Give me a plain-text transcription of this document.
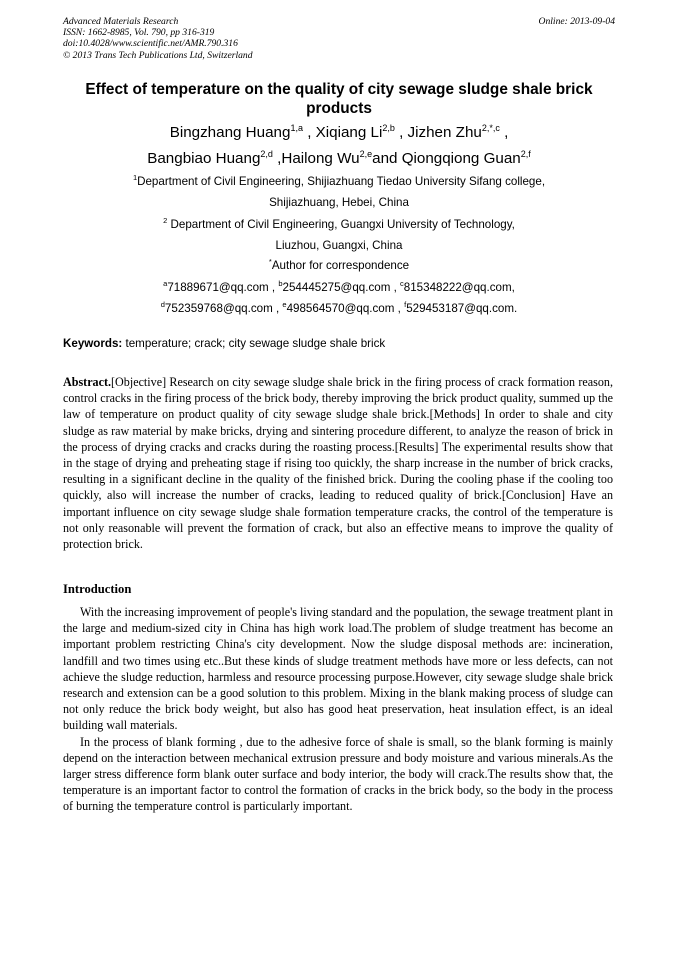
Advanced Materials Research
ISSN: 1662-8985, Vol. 790, pp 316-319
doi:10.4028/www.scientific.net/AMR.790.316
© 2013 Trans Tech Publications Ltd, Switzerland
Online: 2013-09-04
Effect of temperature on the quality of city sewage sludge shale brick products
Bingzhang Huang$^{1,a}$ , Xiqiang Li$^{2,b}$ , Jizhen Zhu$^{2,*,c}$ ,
Bangbiao Huang$^{2,d}$ ,Hailong Wu$^{2,e}$and Qiongqiong Guan$^{2,f}$
$^1$Department of Civil Engineering, Shijiazhuang Tiedao University Sifang college,
Shijiazhuang, Hebei, China
$^2$ Department of Civil Engineering, Guangxi University of Technology,
Liuzhou, Guangxi, China
*Author for correspondence
$^a$71889671@qq.com , $^b$254445275@qq.com , $^c$815348222@qq.com,
$^d$752359768@qq.com , $^e$498564570@qq.com , $^f$529453187@qq.com.
Keywords: temperature; crack; city sewage sludge shale brick
Abstract.[Objective] Research on city sewage sludge shale brick in the firing process of crack formation reason, control cracks in the firing process of the brick body, thereby improving the brick product quality, summed up the law of temperature on product quality of city sewage sludge shale brick.[Methods] In order to shale and city sludge as raw material by make bricks, drying and sintering procedure different, to analyze the reason of brick in the process of drying cracks and cracks during the roasting process.[Results] The experimental results show that in the stage of drying and preheating stage if rising too quickly, the sharp increase in the number of brick cracks, resulting in a significant decline in the quality of the finished brick. During the cooling phase if the cooling too quickly, also will increase the number of cracks, leading to reduced quality of brick.[Conclusion] Have an important influence on city sewage sludge shale formation temperature cracks, the control of the temperature is not only reasonable will prevent the formation of crack, but also an effective means to improve the quality of protection brick.
Introduction

With the increasing improvement of people's living standard and the population, the sewage treatment plant in the large and medium-sized city in China has high work load.The problem of sludge treatment has become an important problem restricting China's city development. Now the sludge disposal methods are: incineration, landfill and two times using etc..But these kinds of sludge treatment methods have more or less defects, can not achieve the sludge reduction, harmless and resource processing purpose.However, city sewage sludge shale brick research and extension can be a good solution to this problem. Mixing in the blank making process of sludge can not only reduce the brick body weight, but also has good heat preservation, heat insulation effect, is an ideal building wall materials.

In the process of blank forming , due to the adhesive force of shale is small, so the blank forming is mainly depend on the interaction between mechanical extrusion pressure and body moisture and various minerals.As the larger stress difference form blank outer surface and body interior, the body will crack.The results show that, the temperature is an important factor to control the formation of cracks in the brick body, so the body in the process of burning the temperature control is particularly important.
